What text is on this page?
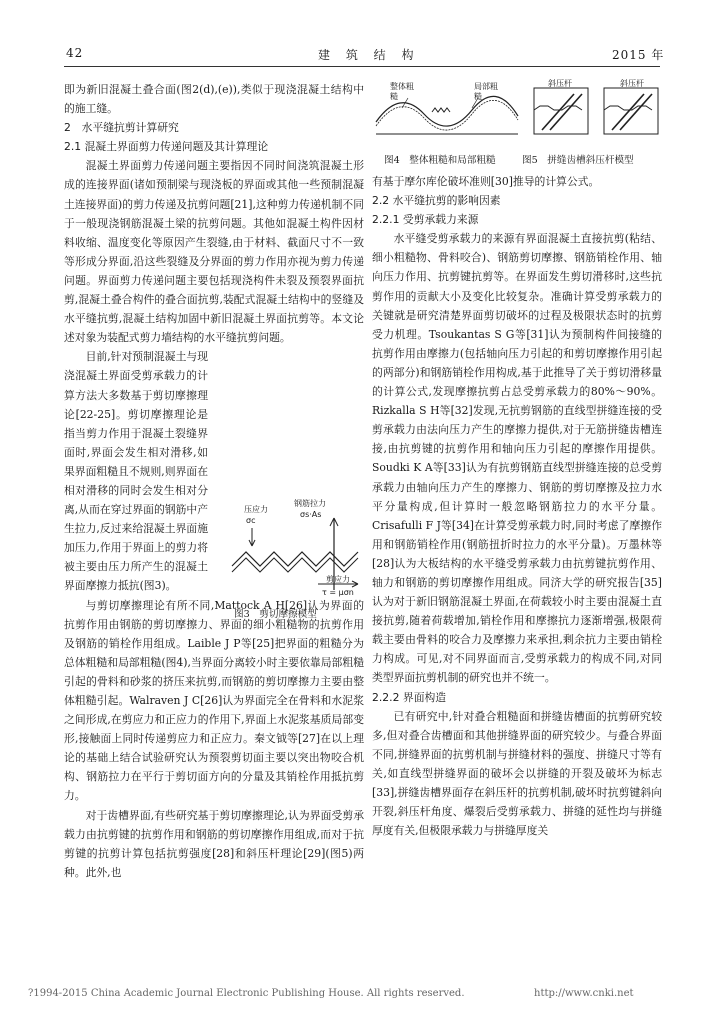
42	建 筑 结 构	2015 年

即为新旧混凝土叠合面(图2(d),(e)),类似于现浇混凝土结构中的施工缝。

2　水平缝抗剪计算研究

2.1 混凝土界面剪力传递问题及其计算理论

混凝土界面剪力传递问题主要指因不同时间浇筑混凝土形成的连接界面(诸如预制梁与现浇板的界面或其他一些预制混凝土连接界面)的剪力传递及抗剪问题[21],这种剪力传递机制不同于一般现浇钢筋混凝土梁的抗剪问题。其他如混凝土构件因材料收缩、温度变化等原因产生裂缝,由于材料、截面尺寸不一致等形成分界面,沿这些裂缝及分界面的剪力作用亦视为剪力传递问题。界面剪力传递问题主要包括现浇构件未裂及预裂界面抗剪,混凝土叠合构件的叠合面抗剪,装配式混凝土结构中的竖缝及水平缝抗剪,混凝土结构加固中新旧混凝土界面抗剪等。本文论述对象为装配式剪力墙结构的水平缝抗剪问题。

目前,针对预制混凝土与现浇混凝土界面受剪承载力的计算方法大多数基于剪切摩擦理论[22-25]。剪切摩擦理论是指当剪力作用于混凝土裂缝界面时,界面会发生相对滑移,如果界面粗糙且不规则,则界面在相对滑移的同时会发生相对分离,从而在穿过界面的钢筋中产生拉力,反过来给混凝土界面施加压力,作用于界面上的剪力将被主要由压力所产生的混凝土界面摩擦力抵抗(图3)。

与剪切摩擦理论有所不同,Mattock A H[26]认为界面的抗剪作用由钢筋的剪切摩擦力、界面的细小粗糙物的抗剪作用及钢筋的销栓作用组成。Laible J P等[25]把界面的粗糙分为总体粗糙和局部粗糙(图4),当界面分离较小时主要依靠局部粗糙引起的骨料和砂浆的挤压来抗剪,而钢筋的剪切摩擦力主要由整体粗糙引起。Walraven J C[26]认为界面完全在骨料和水泥浆之间形成,在剪应力和正应力的作用下,界面上水泥浆基质局部变形,接触面上同时传递剪应力和正应力。秦文钺等[27]在以上理论的基础上结合试验研究认为预裂剪切面主要以突出物咬合机构、钢筋拉力在平行于剪切面方向的分量及其销栓作用抵抗剪力。

对于齿槽界面,有些研究基于剪切摩擦理论,认为界面受剪承载力由抗剪键的抗剪作用和钢筋的剪切摩擦作用组成,而对于抗剪键的抗剪计算包括抗剪强度[28]和斜压杆理论[29](图5)两种。此外,也

压应力
σc
钢筋拉力
σs·As
剪应力
τ = μσn
图3　剪切摩擦模型
整体粗糙
局部粗糙
斜压杆	斜压杆
图4　整体粗糙和局部粗糙	图5　拼缝齿槽斜压杆模型

有基于摩尔库伦破坏准则[30]推导的计算公式。

2.2 水平缝抗剪的影响因素

2.2.1 受剪承载力来源

水平缝受剪承载力的来源有界面混凝土直接抗剪(粘结、细小粗糙物、骨料咬合)、钢筋剪切摩擦、钢筋销栓作用、轴向压力作用、抗剪键抗剪等。在界面发生剪切滑移时,这些抗剪作用的贡献大小及变化比较复杂。准确计算受剪承载力的关键就是研究清楚界面剪切破坏的过程及极限状态时的抗剪受力机理。Tsoukantas S G等[31]认为预制构件间接缝的抗剪作用由摩擦力(包括轴向压力引起的和剪切摩擦作用引起的两部分)和钢筋销栓作用构成,基于此推导了关于剪切滑移量的计算公式,发现摩擦抗剪占总受剪承载力的80%～90%。Rizkalla S H等[32]发现,无抗剪钢筋的直线型拼缝连接的受剪承载力由法向压力产生的摩擦力提供,对于无筋拼缝齿槽连接,由抗剪键的抗剪作用和轴向压力引起的摩擦作用提供。Soudki K A等[33]认为有抗剪钢筋直线型拼缝连接的总受剪承载力由轴向压力产生的摩擦力、钢筋的剪切摩擦及拉力水平分量构成,但计算时一般忽略钢筋拉力的水平分量。Crisafulli F J等[34]在计算受剪承载力时,同时考虑了摩擦作用和钢筋销栓作用(钢筋扭折时拉力的水平分量)。万墨林等[28]认为大板结构的水平缝受剪承载力由抗剪键抗剪作用、轴力和钢筋的剪切摩擦作用组成。同济大学的研究报告[35]认为对于新旧钢筋混凝土界面,在荷载较小时主要由混凝土直接抗剪,随着荷载增加,销栓作用和摩擦抗力逐渐增强,极限荷载主要由骨料的咬合力及摩擦力来承担,剩余抗力主要由销栓力构成。可见,对不同界面而言,受剪承载力的构成不同,对同类型界面抗剪机制的研究也并不统一。

2.2.2 界面构造

已有研究中,针对叠合粗糙面和拼缝齿槽面的抗剪研究较多,但对叠合齿槽面和其他拼缝界面的研究较少。与叠合界面不同,拼缝界面的抗剪机制与拼缝材料的强度、拼缝尺寸等有关,如直线型拼缝界面的破坏会以拼缝的开裂及破坏为标志[33],拼缝齿槽界面存在斜压杆的抗剪机制,破坏时抗剪键斜向开裂,斜压杆角度、爆裂后受剪承载力、拼缝的延性均与拼缝厚度有关,但极限承载力与拼缝厚度关

?1994-2015 China Academic Journal Electronic Publishing House. All rights reserved.	http://www.cnki.net
